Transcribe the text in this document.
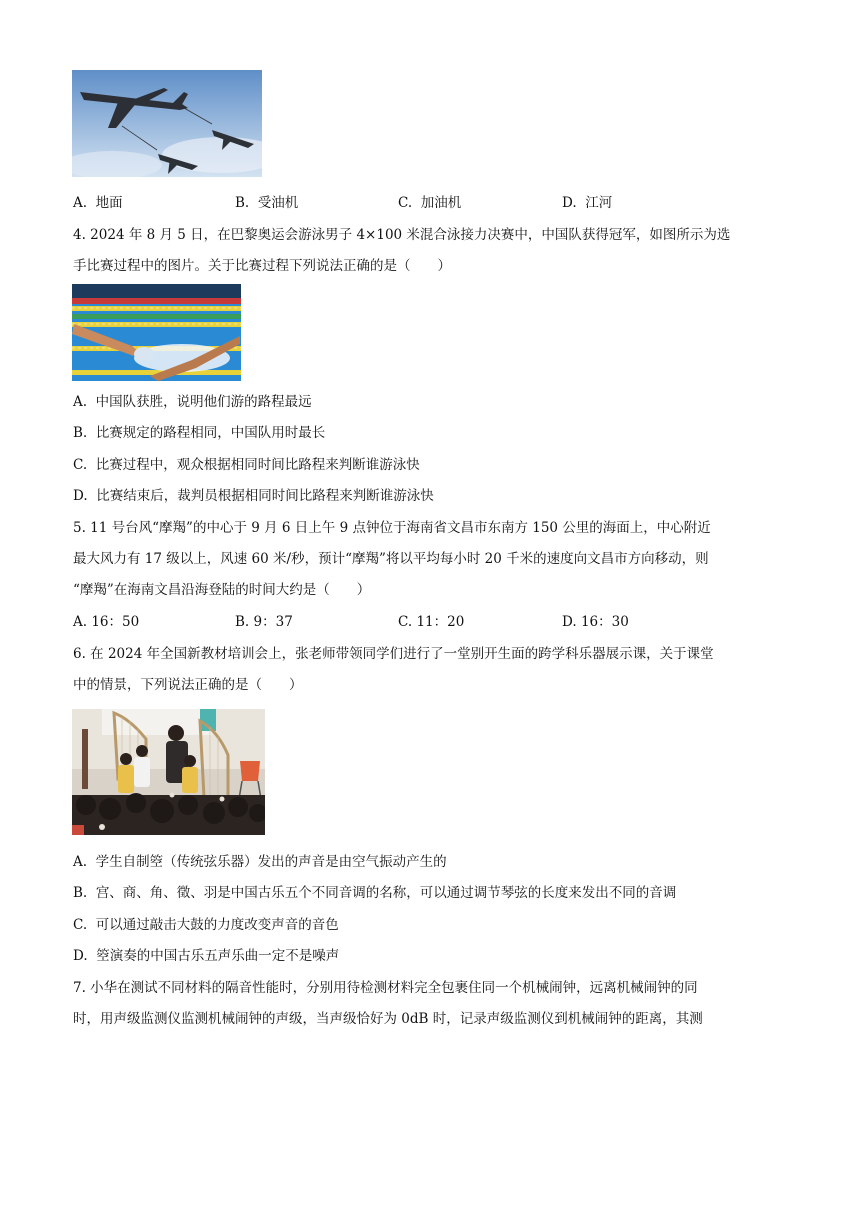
A. 地面	B. 受油机	C. 加油机	D. 江河
4. 2024 年 8 月 5 日，在巴黎奥运会游泳男子 4×100 米混合泳接力决赛中，中国队获得冠军，如图所示为选
手比赛过程中的图片。关于比赛过程下列说法正确的是（　　）
A. 中国队获胜，说明他们游的路程最远
B. 比赛规定的路程相同，中国队用时最长
C. 比赛过程中，观众根据相同时间比路程来判断谁游泳快
D. 比赛结束后，裁判员根据相同时间比路程来判断谁游泳快
5. 11 号台风“摩羯”的中心于 9 月 6 日上午 9 点钟位于海南省文昌市东南方 150 公里的海面上，中心附近
最大风力有 17 级以上，风速 60 米/秒，预计“摩羯”将以平均每小时 20 千米的速度向文昌市方向移动，则
“摩羯”在海南文昌沿海登陆的时间大约是（　　）
A. 16：50	B. 9：37	C. 11：20	D. 16：30
6. 在 2024 年全国新教材培训会上，张老师带领同学们进行了一堂别开生面的跨学科乐器展示课，关于课堂
中的情景，下列说法正确的是（　　）
A. 学生自制箜（传统弦乐器）发出的声音是由空气振动产生的
B. 宫、商、角、徵、羽是中国古乐五个不同音调的名称，可以通过调节琴弦的长度来发出不同的音调
C. 可以通过敲击大鼓的力度改变声音的音色
D. 箜演奏的中国古乐五声乐曲一定不是噪声
7. 小华在测试不同材料的隔音性能时，分别用待检测材料完全包裹住同一个机械闹钟，远离机械闹钟的同
时，用声级监测仪监测机械闹钟的声级，当声级恰好为 0dB 时，记录声级监测仪到机械闹钟的距离，其测
